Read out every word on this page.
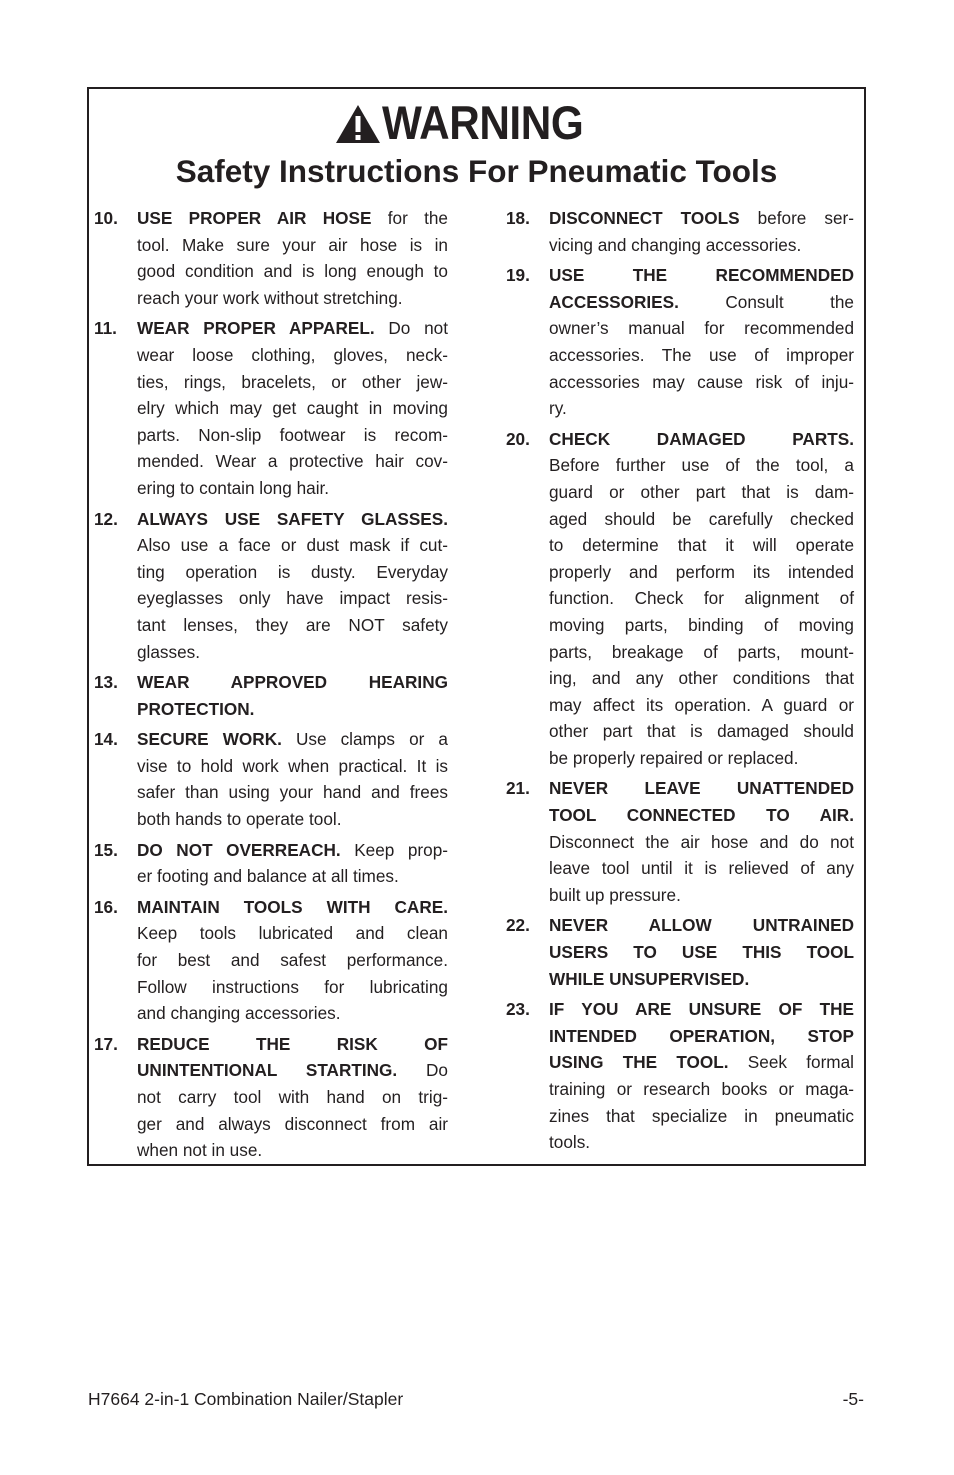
WARNING
Safety Instructions For Pneumatic Tools
10.	USE PROPER AIR HOSE for the
tool. Make sure your air hose is in
good condition and is long enough to
reach your work without stretching.
11.	WEAR PROPER APPAREL. Do not
wear loose clothing, gloves, neck-
ties, rings, bracelets, or other jew-
elry which may get caught in moving
parts. Non-slip footwear is recom-
mended. Wear a protective hair cov-
ering to contain long hair.
12.	ALWAYS USE SAFETY GLASSES.
Also use a face or dust mask if cut-
ting operation is dusty. Everyday
eyeglasses only have impact resis-
tant lenses, they are NOT safety
glasses.
13.	WEAR APPROVED HEARING
PROTECTION.
14.	SECURE WORK. Use clamps or a
vise to hold work when practical. It is
safer than using your hand and frees
both hands to operate tool.
15.	DO NOT OVERREACH. Keep prop-
er footing and balance at all times.
16.	MAINTAIN TOOLS WITH CARE.
Keep tools lubricated and clean
for best and safest performance.
Follow instructions for lubricating
and changing accessories.
17.	REDUCE THE RISK OF
UNINTENTIONAL STARTING. Do
not carry tool with hand on trig-
ger and always disconnect from air
when not in use.
18.	DISCONNECT TOOLS before ser-
vicing and changing accessories.
19.	USE THE RECOMMENDED
ACCESSORIES. Consult the
owner’s manual for recommended
accessories. The use of improper
accessories may cause risk of inju-
ry.
20.	CHECK DAMAGED PARTS.
Before further use of the tool, a
guard or other part that is dam-
aged should be carefully checked
to determine that it will operate
properly and perform its intended
function. Check for alignment of
moving parts, binding of moving
parts, breakage of parts, mount-
ing, and any other conditions that
may affect its operation. A guard or
other part that is damaged should
be properly repaired or replaced.
21.	NEVER LEAVE UNATTENDED
TOOL CONNECTED TO AIR.
Disconnect the air hose and do not
leave tool until it is relieved of any
built up pressure.
22.	NEVER ALLOW UNTRAINED
USERS TO USE THIS TOOL
WHILE UNSUPERVISED.
23.	IF YOU ARE UNSURE OF THE
INTENDED OPERATION, STOP
USING THE TOOL. Seek formal
training or research books or maga-
zines that specialize in pneumatic
tools.
H7664 2-in-1 Combination Nailer/Stapler	-5-
